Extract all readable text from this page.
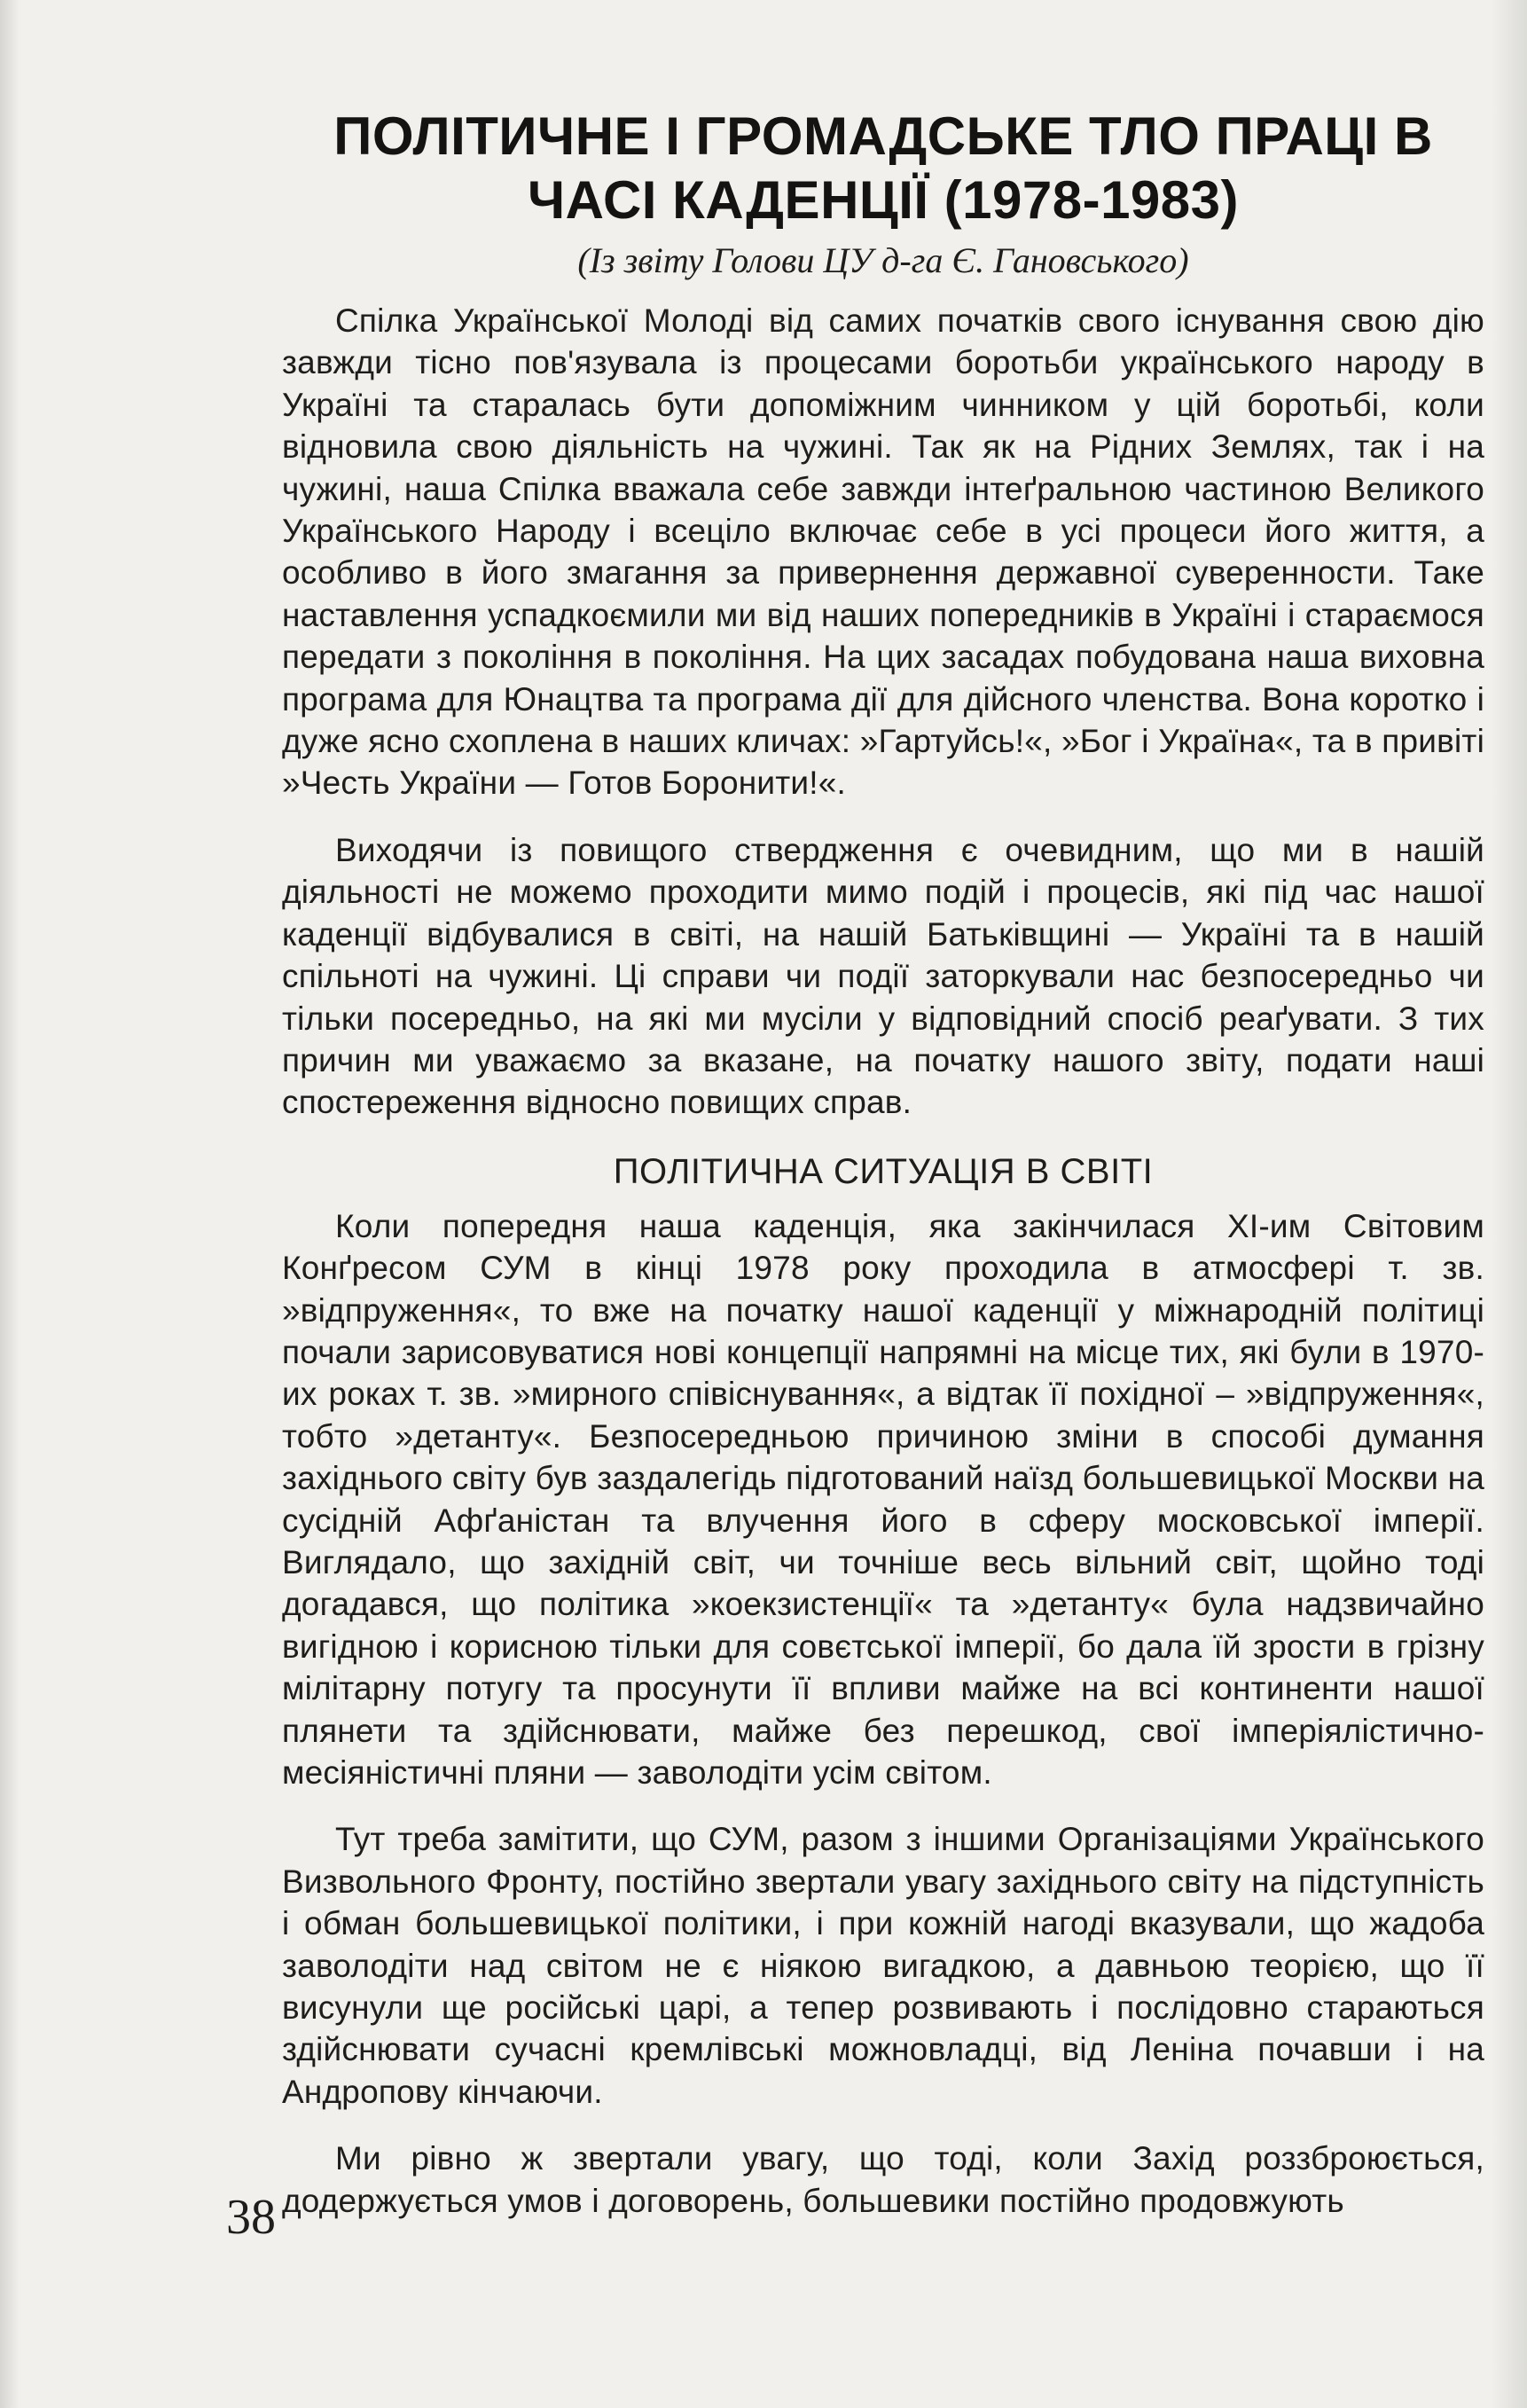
ПОЛІТИЧНЕ І ГРОМАДСЬКЕ ТЛО ПРАЦІ В
ЧАСІ КАДЕНЦІЇ (1978-1983)
(Із звіту Голови ЦУ д-га Є. Гановського)

Спілка Української Молоді від самих початків свого існування свою дію завжди тісно пов'язувала із процесами боротьби українського народу в Україні та старалась бути допоміжним чинником у цій боротьбі, коли відновила свою діяльність на чужині. Так як на Рідних Землях, так і на чужині, наша Спілка вважала себе завжди інтеґральною частиною Великого Українського Народу і всеціло включає себе в усі процеси його життя, а особливо в його змагання за привернення державної суверенности. Таке наставлення успадкоємили ми від наших попередників в Україні і стараємося передати з покоління в покоління. На цих засадах побудована наша виховна програма для Юнацтва та програма дії для дійсного членства. Вона коротко і дуже ясно схоплена в наших кличах: »Гартуйсь!«, »Бог і Україна«, та в привіті »Честь України — Готов Боронити!«.

Виходячи із повищого ствердження є очевидним, що ми в нашій діяльності не можемо проходити мимо подій і процесів, які під час нашої каденції відбувалися в світі, на нашій Батьківщині — Україні та в нашій спільноті на чужині. Ці справи чи події заторкували нас безпосередньо чи тільки посередньо, на які ми мусіли у відповідний спосіб реаґувати. З тих причин ми уважаємо за вказане, на початку нашого звіту, подати наші спостереження відносно повищих справ.

ПОЛІТИЧНА СИТУАЦІЯ В СВІТІ

Коли попередня наша каденція, яка закінчилася ХІ-им Світовим Конґресом СУМ в кінці 1978 року проходила в атмосфері т. зв. »відпруження«, то вже на початку нашої каденції у міжнародній політиці почали зарисовуватися нові концепції напрямні на місце тих, які були в 1970-их роках т. зв. »мирного співіснування«, а відтак її похідної – »відпруження«, тобто »детанту«. Безпосередньою причиною зміни в способі думання західнього світу був заздалегідь підготований наїзд большевицької Москви на сусідній Афґаністан та влучення його в сферу московської імперії. Виглядало, що західній світ, чи точніше весь вільний світ, щойно тоді догадався, що політика »коекзистенції« та »детанту« була надзвичайно вигідною і корисною тільки для совєтської імперії, бо дала їй зрости в грізну мілітарну потугу та просунути її впливи майже на всі континенти нашої плянети та здійснювати, майже без перешкод, свої імперіялістично-месіяністичні пляни — заволодіти усім світом.

Тут треба замітити, що СУМ, разом з іншими Організаціями Українського Визвольного Фронту, постійно звертали увагу західнього світу на підступність і обман большевицької політики, і при кожній нагоді вказували, що жадоба заволодіти над світом не є ніякою вигадкою, а давньою теорією, що її висунули ще російські царі, а тепер розвивають і послідовно стараються здійснювати сучасні кремлівські можновладці, від Леніна почавши і на Андропову кінчаючи.

Ми рівно ж звертали увагу, що тоді, коли Захід роззброюється, додержується умов і договорень, большевики постійно продовжують

38
